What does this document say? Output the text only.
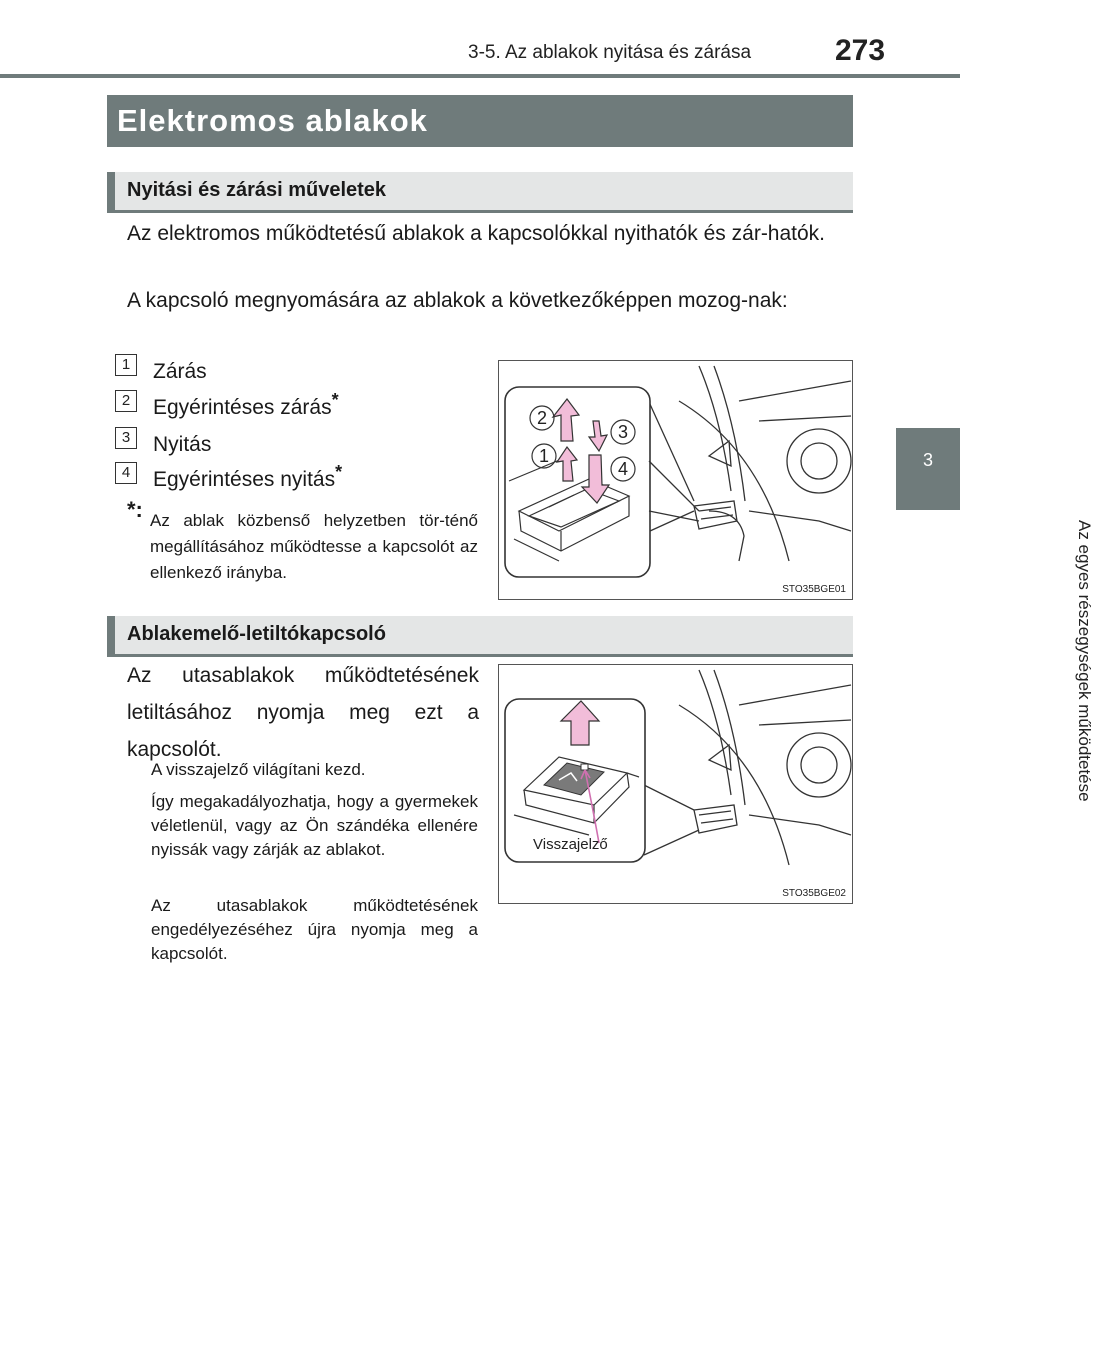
3-5. Az ablakok nyitása és zárása	273
3
Az egyes részegységek működtetése
Elektromos ablakok
Nyitási és zárási műveletek
Az elektromos működtetésű ablakok a kapcsolókkal nyithatók és zár-hatók.
A kapcsoló megnyomására az ablakok a következőképpen mozog-nak:
1	Zárás
2	Egyérintéses zárás*
3	Nyitás
4	Egyérintéses nyitás*
*: Az ablak közbenső helyzetben tör-ténő megállításához működtesse a kapcsolót az ellenkező irányba.
2
3
1
4
STO35BGE01
Ablakemelő-letiltókapcsoló
Az utasablakok működtetésének letiltásához nyomja meg ezt a kapcsolót.
A visszajelző világítani kezd.
Így megakadályozhatja, hogy a gyermekek véletlenül, vagy az Ön szándéka ellenére nyissák vagy zárják az ablakot.
Az utasablakok működtetésének engedélyezéséhez újra nyomja meg a kapcsolót.
Visszajelző
STO35BGE02
